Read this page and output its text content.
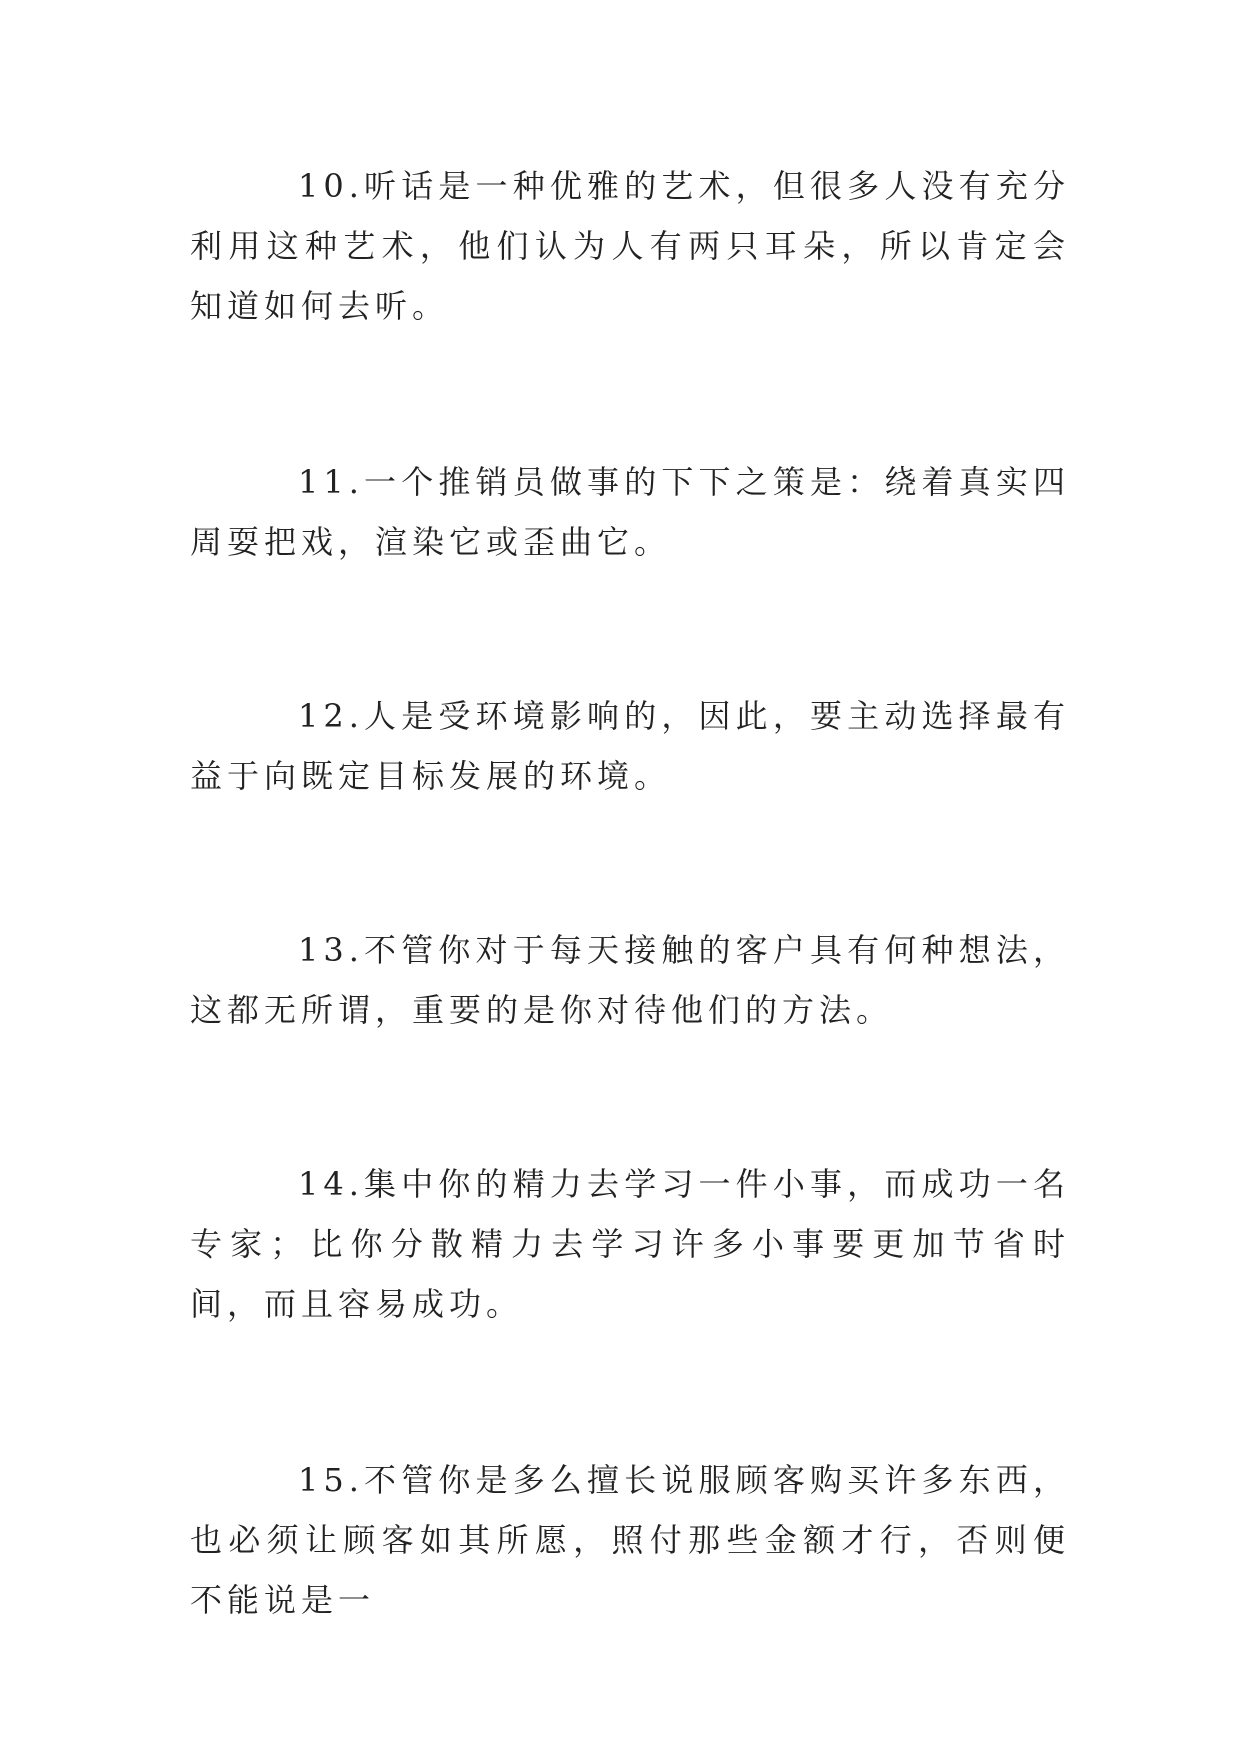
10.听话是一种优雅的艺术，但很多人没有充分利用这种艺术，他们认为人有两只耳朵，所以肯定会知道如何去听。

11.一个推销员做事的下下之策是：绕着真实四周耍把戏，渲染它或歪曲它。

12.人是受环境影响的，因此，要主动选择最有益于向既定目标发展的环境。

13.不管你对于每天接触的客户具有何种想法，这都无所谓，重要的是你对待他们的方法。

14.集中你的精力去学习一件小事，而成功一名专家；比你分散精力去学习许多小事要更加节省时间，而且容易成功。

15.不管你是多么擅长说服顾客购买许多东西，也必须让顾客如其所愿，照付那些金额才行，否则便不能说是一
